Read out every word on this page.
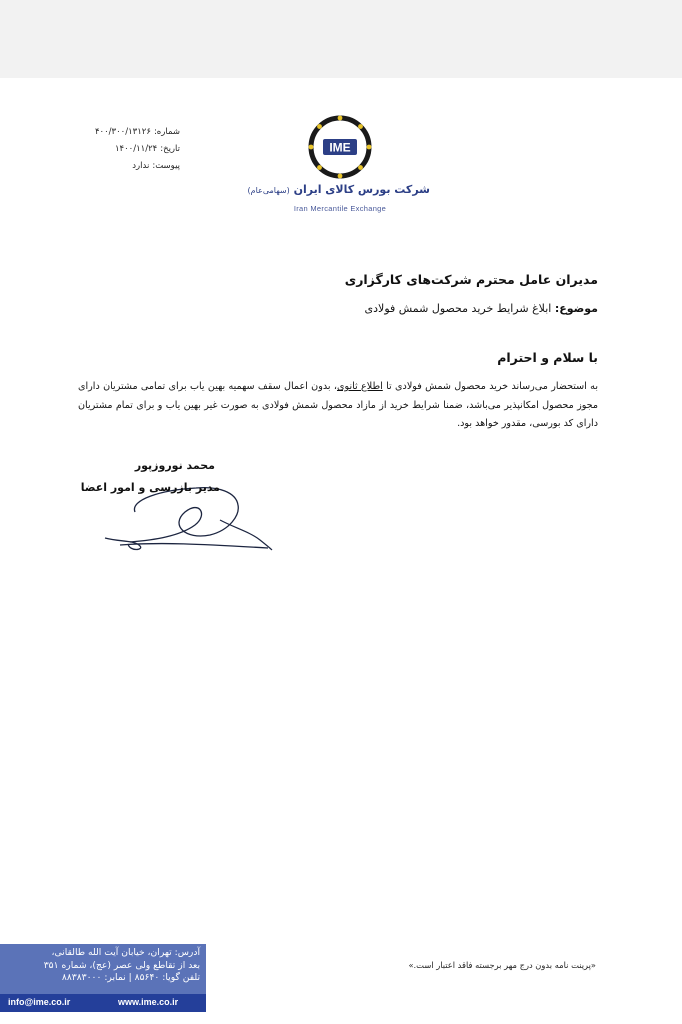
شماره:۴۰۰/۳۰۰/۱۳۱۲۶
تاریخ:۱۴۰۰/۱۱/۲۴
پیوست:ندارد
IME
شرکت بورس کالای ایران (سهامی‌عام)
Iran Mercantile Exchange
مدیران عامل محترم شرکت‌های کارگزاری
موضوع: ابلاغ شرایط خرید محصول شمش فولادی
با سلام و احترام
به استحضار می‌رساند خرید محصول شمش فولادی تا اطلاع ثانوی، بدون اعمال سقف سهمیه بهین یاب برای تمامی مشتریان دارای مجوز محصول امکانپذیر می‌باشد، ضمنا شرایط خرید از مازاد محصول شمش فولادی به صورت غیر بهین یاب و برای تمام مشتریان دارای کد بورسی، مقدور خواهد بود.
محمد نوروزپور
مدیر بازرسی و امور اعضا
آدرس: تهران، خیابان آیت الله طالقانی،
بعد از تقاطع ولی عصر (عج)، شماره ۳۵۱
تلفن گویا: ۸۵۶۴۰ | نمابر: ۸۸۳۸۳۰۰۰
www.ime.co.ir
info@ime.co.ir
«پرینت نامه بدون درج مهر برجسته فاقد اعتبار است.»
